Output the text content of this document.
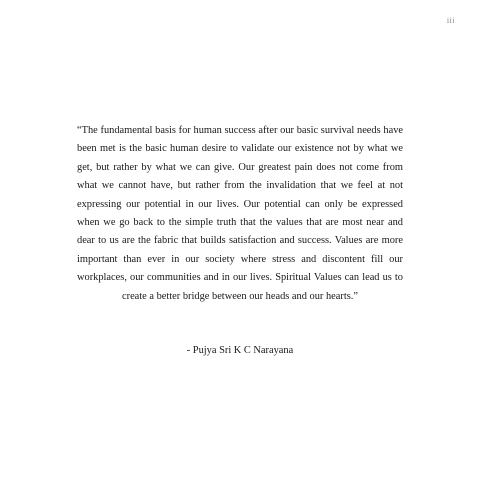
iii

“The fundamental basis for human success after our basic survival needs have been met is the basic human desire to validate our existence not by what we get, but rather by what we can give. Our greatest pain does not come from what we cannot have, but rather from the invalidation that we feel at not expressing our potential in our lives. Our potential can only be expressed when we go back to the simple truth that the values that are most near and dear to us are the fabric that builds satisfaction and success. Values are more important than ever in our society where stress and discontent fill our workplaces, our communities and in our lives. Spiritual Values can lead us to create a better bridge between our heads and our hearts.”

- Pujya Sri K C Narayana
